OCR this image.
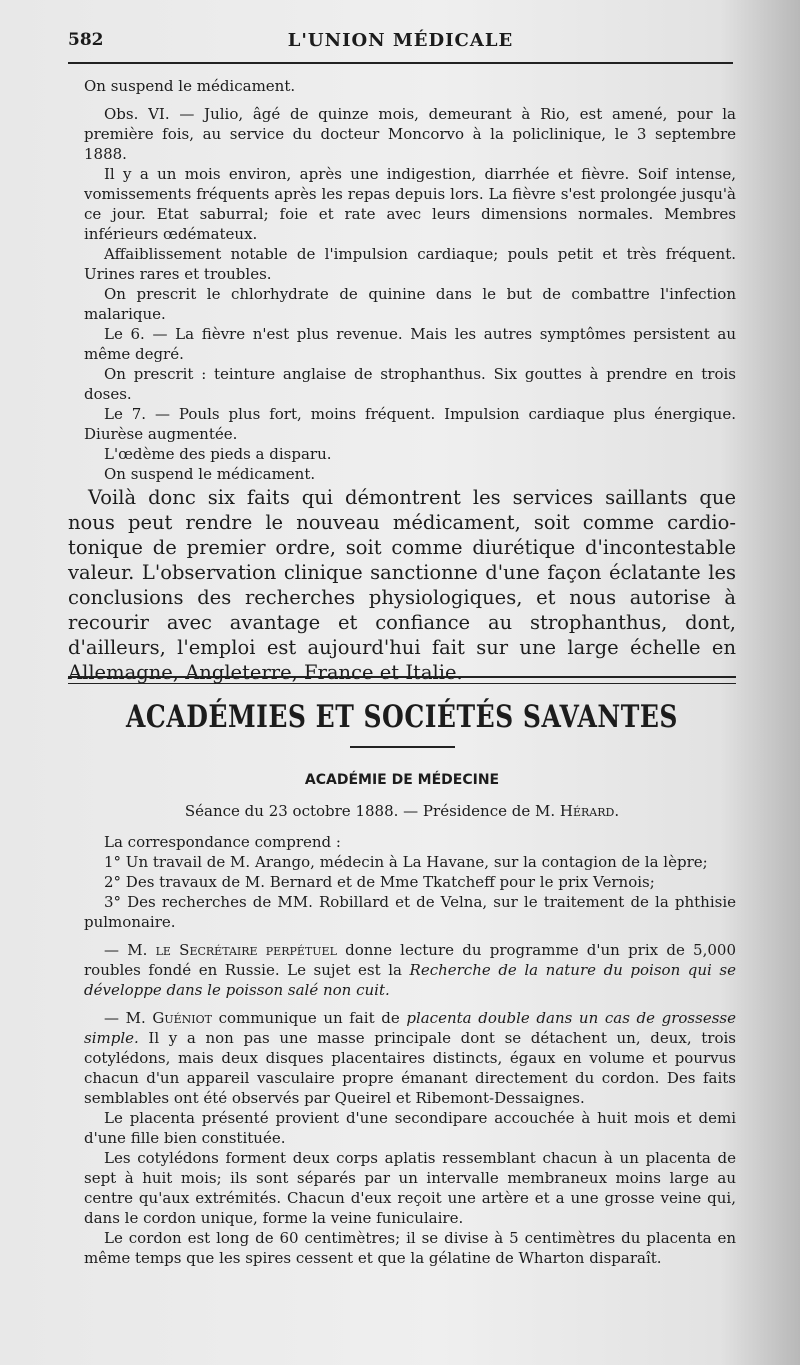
582	L'UNION MÉDICALE

On suspend le médicament.

Obs. VI. — Julio, âgé de quinze mois, demeurant à Rio, est amené, pour la première fois, au service du docteur Moncorvo à la policlinique, le 3 septembre 1888.

Il y a un mois environ, après une indigestion, diarrhée et fièvre. Soif intense, vomissements fréquents après les repas depuis lors. La fièvre s'est prolongée jusqu'à ce jour. Etat saburral; foie et rate avec leurs dimensions normales. Membres inférieurs œdémateux.

Affaiblissement notable de l'impulsion cardiaque; pouls petit et très fréquent. Urines rares et troubles.

On prescrit le chlorhydrate de quinine dans le but de combattre l'infection malarique.

Le 6. — La fièvre n'est plus revenue. Mais les autres symptômes persistent au même degré.

On prescrit : teinture anglaise de strophanthus. Six gouttes à prendre en trois doses.

Le 7. — Pouls plus fort, moins fréquent. Impulsion cardiaque plus énergique. Diurèse augmentée.

L'œdème des pieds a disparu.

On suspend le médicament.

Voilà donc six faits qui démontrent les services saillants que nous peut rendre le nouveau médicament, soit comme cardio-tonique de premier ordre, soit comme diurétique d'incontestable valeur. L'observation clinique sanctionne d'une façon éclatante les conclusions des recherches physiologiques, et nous autorise à recourir avec avantage et confiance au strophanthus, dont, d'ailleurs, l'emploi est aujourd'hui fait sur une large échelle en Allemagne, Angleterre, France et Italie.

ACADÉMIES ET SOCIÉTÉS SAVANTES
ACADÉMIE DE MÉDECINE
Séance du 23 octobre 1888. — Présidence de M. Hérard.

La correspondance comprend :

1° Un travail de M. Arango, médecin à La Havane, sur la contagion de la lèpre;

2° Des travaux de M. Bernard et de Mme Tkatcheff pour le prix Vernois;

3° Des recherches de MM. Robillard et de Velna, sur le traitement de la phthisie pulmonaire.

— M. le Secrétaire perpétuel donne lecture du programme d'un prix de 5,000 roubles fondé en Russie. Le sujet est la Recherche de la nature du poison qui se développe dans le poisson salé non cuit.

— M. Guéniot communique un fait de placenta double dans un cas de grossesse simple. Il y a non pas une masse principale dont se détachent un, deux, trois cotylédons, mais deux disques placentaires distincts, égaux en volume et pourvus chacun d'un appareil vasculaire propre émanant directement du cordon. Des faits semblables ont été observés par Queirel et Ribemont-Dessaignes.

Le placenta présenté provient d'une secondipare accouchée à huit mois et demi d'une fille bien constituée.

Les cotylédons forment deux corps aplatis ressemblant chacun à un placenta de sept à huit mois; ils sont séparés par un intervalle membraneux moins large au centre qu'aux extrémités. Chacun d'eux reçoit une artère et a une grosse veine qui, dans le cordon unique, forme la veine funiculaire.

Le cordon est long de 60 centimètres; il se divise à 5 centimètres du placenta en même temps que les spires cessent et que la gélatine de Wharton disparaît.
